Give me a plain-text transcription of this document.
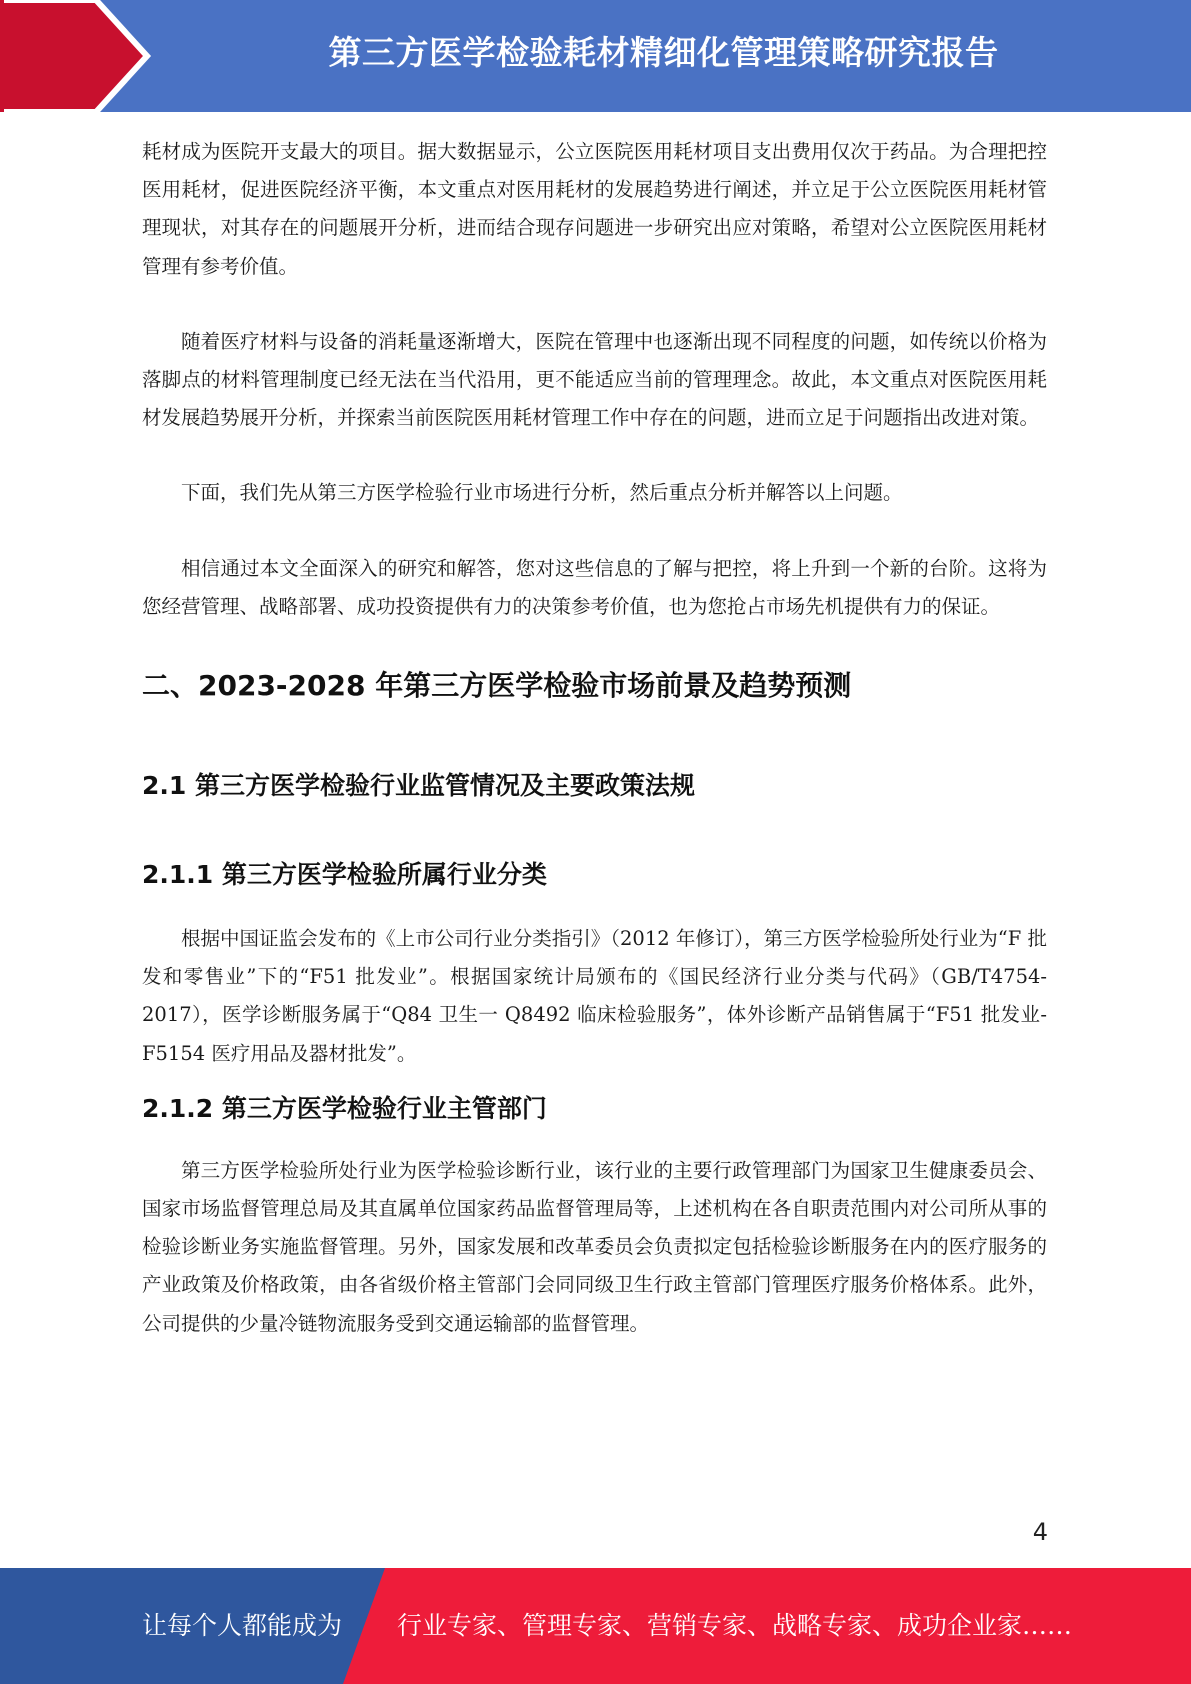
第三方医学检验耗材精细化管理策略研究报告

耗材成为医院开支最大的项目。据大数据显示，公立医院医用耗材项目支出费用仅次于药品。为合理把控医用耗材，促进医院经济平衡，本文重点对医用耗材的发展趋势进行阐述，并立足于公立医院医用耗材管理现状，对其存在的问题展开分析，进而结合现存问题进一步研究出应对策略，希望对公立医院医用耗材管理有参考价值。

随着医疗材料与设备的消耗量逐渐增大，医院在管理中也逐渐出现不同程度的问题，如传统以价格为落脚点的材料管理制度已经无法在当代沿用，更不能适应当前的管理理念。故此，本文重点对医院医用耗材发展趋势展开分析，并探索当前医院医用耗材管理工作中存在的问题，进而立足于问题指出改进对策。

下面，我们先从第三方医学检验行业市场进行分析，然后重点分析并解答以上问题。

相信通过本文全面深入的研究和解答，您对这些信息的了解与把控，将上升到一个新的台阶。这将为您经营管理、战略部署、成功投资提供有力的决策参考价值，也为您抢占市场先机提供有力的保证。

二、2023-2028 年第三方医学检验市场前景及趋势预测
2.1 第三方医学检验行业监管情况及主要政策法规
2.1.1 第三方医学检验所属行业分类

根据中国证监会发布的《上市公司行业分类指引》（2012 年修订），第三方医学检验所处行业为“F 批发和零售业”下的“F51 批发业”。根据国家统计局颁布的《国民经济行业分类与代码》（GB/T4754-2017），医学诊断服务属于“Q84 卫生一 Q8492 临床检验服务”，体外诊断产品销售属于“F51 批发业-F5154 医疗用品及器材批发”。

2.1.2 第三方医学检验行业主管部门

第三方医学检验所处行业为医学检验诊断行业，该行业的主要行政管理部门为国家卫生健康委员会、国家市场监督管理总局及其直属单位国家药品监督管理局等，上述机构在各自职责范围内对公司所从事的检验诊断业务实施监督管理。另外，国家发展和改革委员会负责拟定包括检验诊断服务在内的医疗服务的产业政策及价格政策，由各省级价格主管部门会同同级卫生行政主管部门管理医疗服务价格体系。此外，公司提供的少量冷链物流服务受到交通运输部的监督管理。

4
让每个人都能成为 行业专家、管理专家、营销专家、战略专家、成功企业家……
